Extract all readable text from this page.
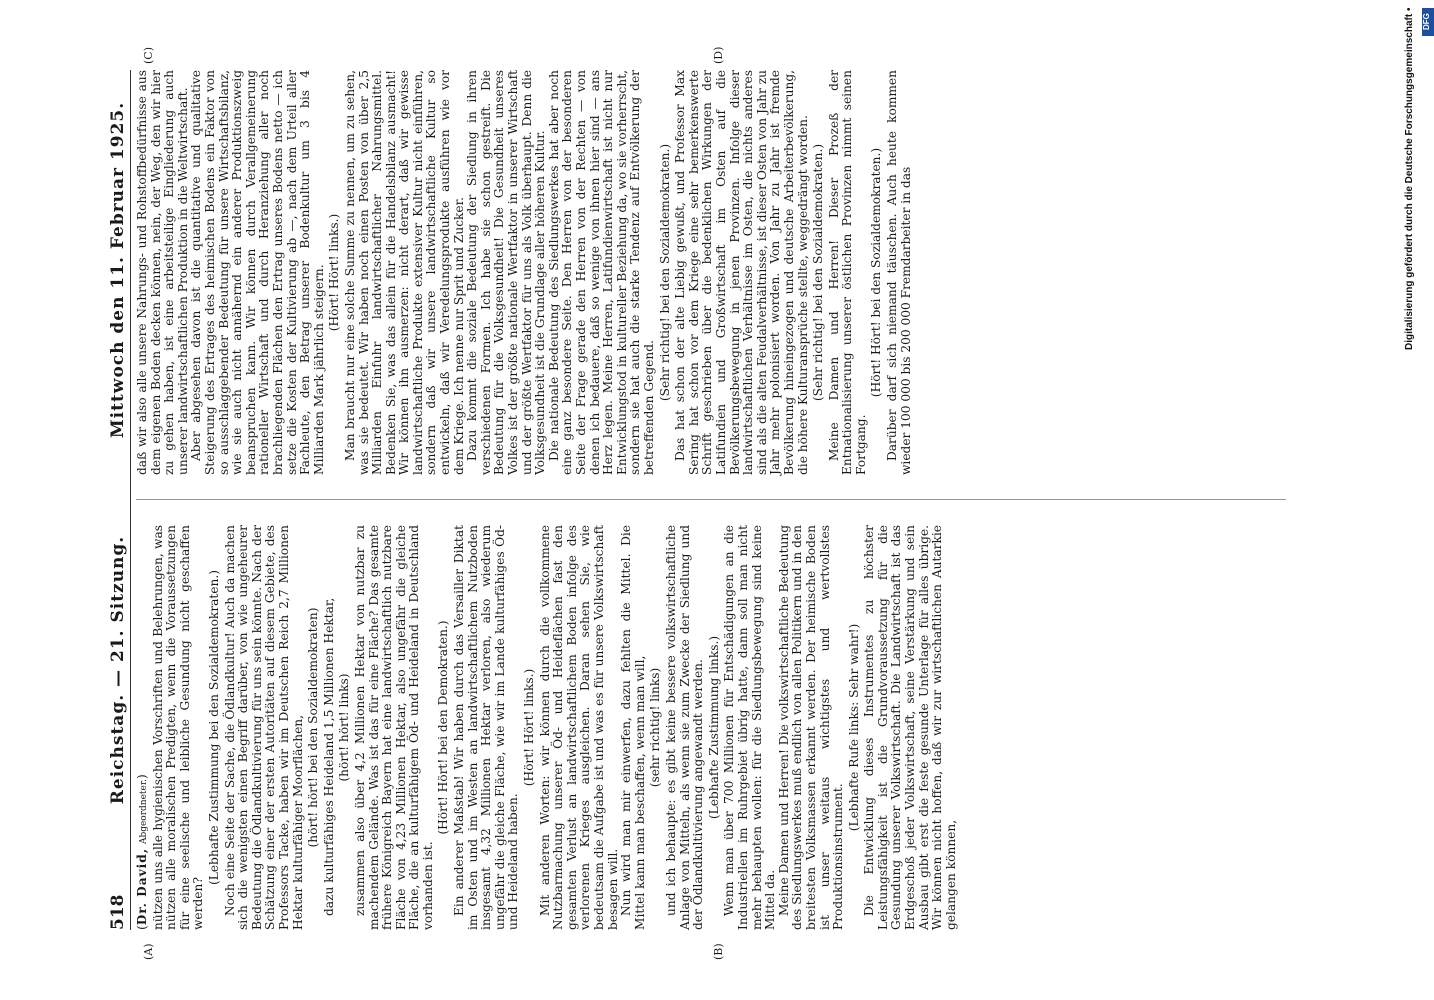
518
Reichstag. — 21. Sitzung.
Mittwoch den 11. Februar 1925.
(A)	(B)
(C)	(D)

(Dr. David, Abgeordneter.) nützen uns alle hygienischen Vorschriften und Belehrungen, was nützen alle moralischen Predigten, wenn die Voraussetzungen für eine seelische und leibliche Gesundung nicht geschaffen werden?

(Lebhafte Zustimmung bei den Sozialdemokraten.) Noch eine Seite der Sache, die Ödlandkultur! Auch da machen sich die wenigsten einen Begriff darüber, von wie ungeheurer Bedeutung die Ödlandkultivierung für uns sein könnte. Nach der Schätzung einer der ersten Autoritäten auf diesem Gebiete, des Professors Tacke, haben wir im Deutschen Reich 2,7 Millionen Hektar kulturfähiger Moorflächen, (hört! hört! bei den Sozialdemokraten) dazu kulturfähiges Heideland 1,5 Millionen Hektar, (hört! hört! links) zusammen also über 4,2 Millionen Hektar von nutzbar zu machendem Gelände. Was ist das für eine Fläche? Das gesamte frühere Königreich Bayern hat eine landwirtschaftlich nutzbare Fläche von 4,23 Millionen Hektar, also ungefähr die gleiche Fläche, die an kulturfähigem Öd- und Heideland in Deutschland vorhanden ist.

(Hört! Hört! bei den Demokraten.) Ein anderer Maßstab! Wir haben durch das Versailler Diktat im Osten und im Westen an landwirtschaftlichem Nutzboden insgesamt 4,32 Millionen Hektar verloren, also wiederum ungefähr die gleiche Fläche, wie wir im Lande kulturfähiges Öd- und Heideland haben.

(Hört! Hört! links.) Mit anderen Worten: wir können durch die vollkommene Nutzbarmachung unserer Öd- und Heideflächen fast den gesamten Verlust an landwirtschaftlichem Boden infolge des verlorenen Krieges ausgleichen. Daran sehen Sie, wie bedeutsam die Aufgabe ist und was es für unsere Volkswirtschaft besagen will. Nun wird man mir einwerfen, dazu fehlten die Mittel. Die Mittel kann man beschaffen, wenn man will, (sehr richtig! links) und ich behaupte: es gibt keine bessere volkswirtschaftliche Anlage von Mitteln, als wenn sie zum Zwecke der Siedlung und der Ödlandkultivierung angewandt werden. (Lebhafte Zustimmung links.) Wenn man über 700 Millionen für Entschädigungen an die Industriellen im Ruhrgebiet übrig hatte, dann soll man nicht mehr behaupten wollen: für die Siedlungsbewegung sind keine Mittel da. Meine Damen und Herren! Die volkswirtschaftliche Bedeutung des Siedlungswerkes muß endlich von allen Politikern und in den breitesten Volksmassen erkannt werden. Der heimische Boden ist unser weitaus wichtigstes und wertvollstes Produktionsinstrument.

(Lebhafte Rufe links: Sehr wahr!) Die Entwicklung dieses Instrumentes zu höchster Leistungsfähigkeit ist die Grundvoraussetzung für die Gesundung unserer Volkswirtschaft. Die Landwirtschaft ist das Erdgeschoß jeder Volkswirtschaft, seine Verstärkung und sein Ausbau gibt erst die feste gesunde Unterlage für alles übrige. Wir können nicht hoffen, daß wir zur wirtschaftlichen Autarkie gelangen können,

daß wir also alle unsere Nahrungs- und Rohstoffbedürfnisse aus dem eigenen Boden decken können, nein, der Weg, den wir hier zu gehen haben, ist eine arbeitsteilige Eingliederung auch unserer landwirtschaftlichen Produktion in die Weltwirtschaft. Aber abgesehen davon ist die quantitative und qualitative Steigerung des Ertrages des heimischen Bodens ein Faktor von so ausschlaggebender Bedeutung für unsere Wirtschaftsbilanz, wie sie auch nicht annähernd ein anderer Produktionszweig beanspruchen kann. Wir können durch Verallgemeinerung rationeller Wirtschaft und durch Heranziehung aller noch brachliegenden Flächen den Ertrag unseres Bodens netto — ich setze die Kosten der Kultivierung ab —, nach dem Urteil aller Fachleute, den Betrag unserer Bodenkultur um 3 bis 4 Milliarden Mark jährlich steigern. (Hört! Hört! links.) Man braucht nur eine solche Summe zu nennen, um zu sehen, was sie bedeutet. Wir haben noch einen Posten von über 2,5 Milliarden Einfuhr landwirtschaftlicher Nahrungsmittel. Bedenken Sie, was das allein für die Handelsbilanz ausmacht! Wir können ihn ausmerzen: nicht derart, daß wir gewisse landwirtschaftliche Produkte extensiver Kultur nicht einführen, sondern daß wir unsere landwirtschaftliche Kultur so entwickeln, daß wir Veredelungsprodukte ausführen wie vor dem Kriege. Ich nenne nur Sprit und Zucker. Dazu kommt die soziale Bedeutung der Siedlung in ihren verschiedenen Formen. Ich habe sie schon gestreift. Die Bedeutung für die Volksgesundheit! Die Gesundheit unseres Volkes ist der größte nationale Wertfaktor in unserer Wirtschaft und der größte Wertfaktor für uns als Volk überhaupt. Denn die Volksgesundheit ist die Grundlage aller höheren Kultur. Die nationale Bedeutung des Siedlungswerkes hat aber noch eine ganz besondere Seite. Den Herren von der besonderen Seite der Frage gerade den Herren von der Rechten — von denen ich bedauere, daß so wenige von ihnen hier sind — ans Herz legen. Meine Herren, Latifundienwirtschaft ist nicht nur Entwicklungstod in kultureller Beziehung da, wo sie vorherrscht, sondern sie hat auch die starke Tendenz auf Entvölkerung der betreffenden Gegend.

(Sehr richtig! bei den Sozialdemokraten.) Das hat schon der alte Liebig gewußt, und Professor Max Sering hat schon vor dem Kriege eine sehr bemerkenswerte Schrift geschrieben über die bedenklichen Wirkungen der Latifundien und Großwirtschaft im Osten auf die Bevölkerungsbewegung in jenen Provinzen. Infolge dieser landwirtschaftlichen Verhältnisse im Osten, die nichts anderes sind als die alten Feudalverhältnisse, ist dieser Osten von Jahr zu Jahr mehr polonisiert worden. Von Jahr zu Jahr ist fremde Bevölkerung hineingezogen und deutsche Arbeiterbevölkerung, die höhere Kulturansprüche stellte, weggedrängt worden. (Sehr richtig! bei den Sozialdemokraten.) Meine Damen und Herren! Dieser Prozeß der Entnationalisierung unserer östlichen Provinzen nimmt seinen Fortgang.

(Hört! Hört! bei den Sozialdemokraten.) Darüber darf sich niemand täuschen. Auch heute kommen wieder 100 000 bis 200 000 Fremdarbeiter in das	Digitalisierung gefördert durch die Deutsche Forschungsgemeinschaft • DFG
